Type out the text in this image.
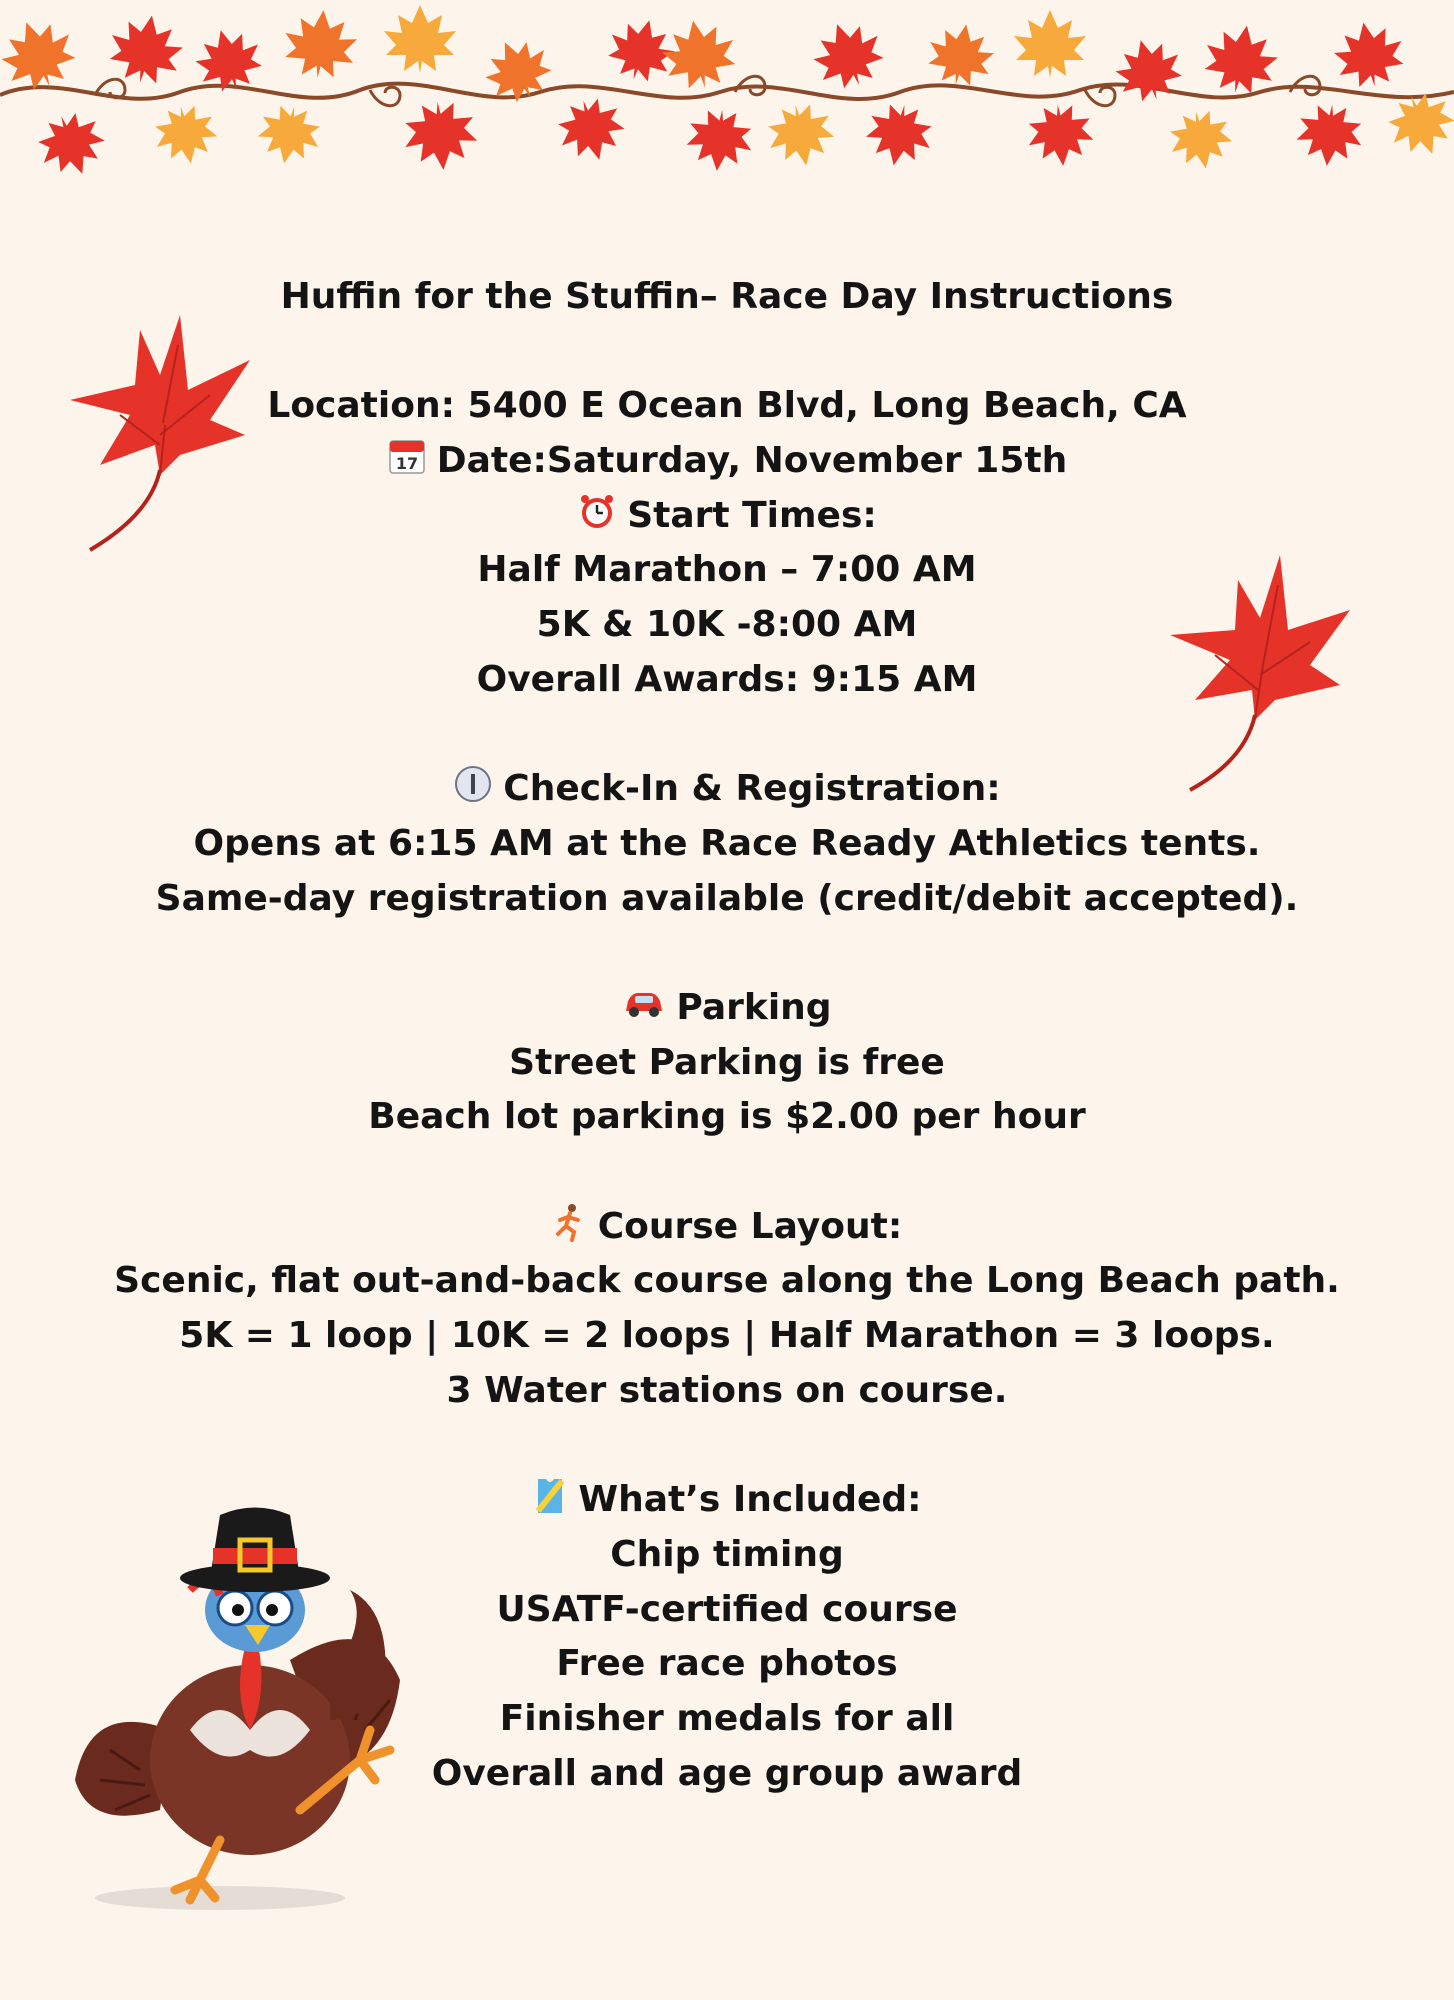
Huffin for the Stuffin– Race Day Instructions
Location: 5400 E Ocean Blvd, Long Beach, CA
17 Date:Saturday, November 15th
Start Times:
Half Marathon – 7:00 AM
5K & 10K -8:00 AM
Overall Awards: 9:15 AM
Check-In & Registration:
Opens at 6:15 AM at the Race Ready Athletics tents.
Same-day registration available (credit/debit accepted).
Parking
Street Parking is free
Beach lot parking is $2.00 per hour
Course Layout:
Scenic, flat out-and-back course along the Long Beach path.
5K = 1 loop | 10K = 2 loops | Half Marathon = 3 loops.
3 Water stations on course.
What’s Included:
Chip timing
USATF-certified course
Free race photos
Finisher medals for all
Overall and age group award
